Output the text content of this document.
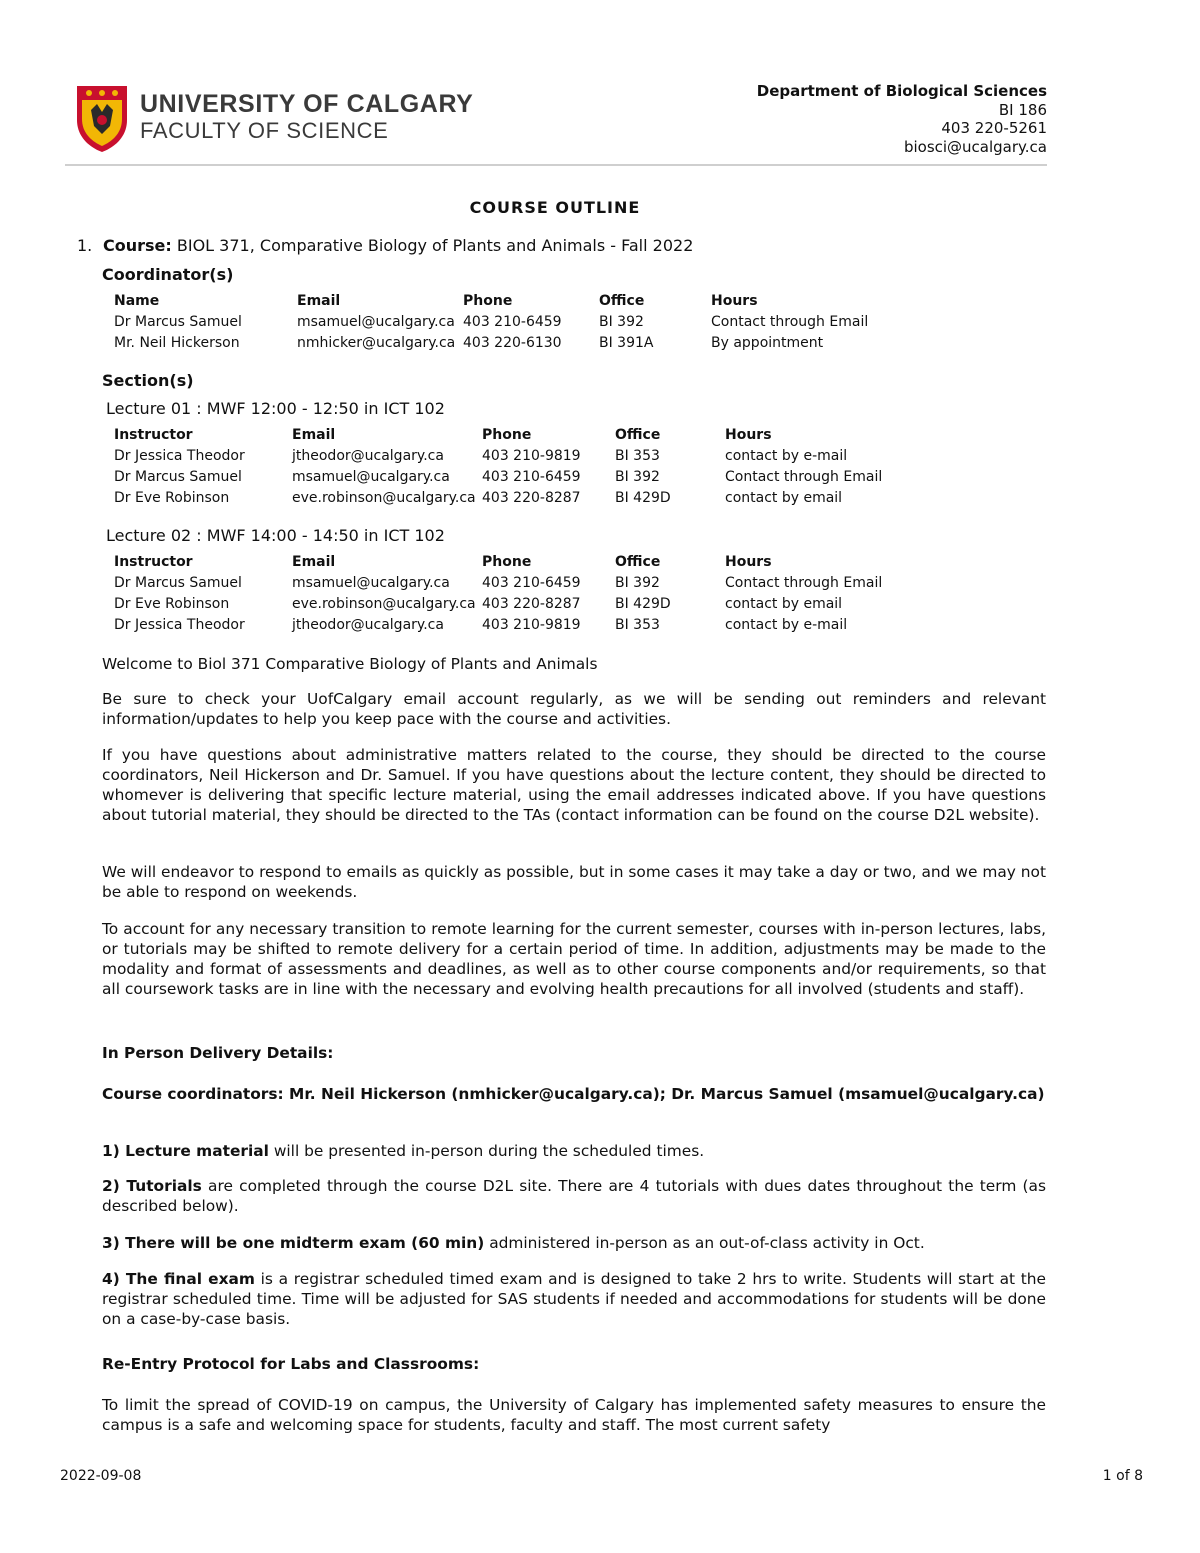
UNIVERSITY OF CALGARY
FACULTY OF SCIENCE
Department of Biological Sciences
BI 186
403 220-5261
biosci@ucalgary.ca
COURSE OUTLINE
1. Course: BIOL 371, Comparative Biology of Plants and Animals - Fall 2022
Coordinator(s)
Name	Email	Phone	Office	Hours
Dr Marcus Samuel	msamuel@ucalgary.ca	403 210-6459	BI 392	Contact through Email
Mr. Neil Hickerson	nmhicker@ucalgary.ca	403 220-6130	BI 391A	By appointment
Section(s)
Lecture 01 : MWF 12:00 - 12:50 in ICT 102
Instructor	Email	Phone	Office	Hours
Dr Jessica Theodor	jtheodor@ucalgary.ca	403 210-9819	BI 353	contact by e-mail
Dr Marcus Samuel	msamuel@ucalgary.ca	403 210-6459	BI 392	Contact through Email
Dr Eve Robinson	eve.robinson@ucalgary.ca	403 220-8287	BI 429D	contact by email
Lecture 02 : MWF 14:00 - 14:50 in ICT 102
Instructor	Email	Phone	Office	Hours
Dr Marcus Samuel	msamuel@ucalgary.ca	403 210-6459	BI 392	Contact through Email
Dr Eve Robinson	eve.robinson@ucalgary.ca	403 220-8287	BI 429D	contact by email
Dr Jessica Theodor	jtheodor@ucalgary.ca	403 210-9819	BI 353	contact by e-mail

Welcome to Biol 371 Comparative Biology of Plants and Animals

Be sure to check your UofCalgary email account regularly, as we will be sending out reminders and relevant information/updates to help you keep pace with the course and activities.

If you have questions about administrative matters related to the course, they should be directed to the course coordinators, Neil Hickerson and Dr. Samuel. If you have questions about the lecture content, they should be directed to whomever is delivering that specific lecture material, using the email addresses indicated above. If you have questions about tutorial material, they should be directed to the TAs (contact information can be found on the course D2L website).

We will endeavor to respond to emails as quickly as possible, but in some cases it may take a day or two, and we may not be able to respond on weekends.

To account for any necessary transition to remote learning for the current semester, courses with in-person lectures, labs, or tutorials may be shifted to remote delivery for a certain period of time. In addition, adjustments may be made to the modality and format of assessments and deadlines, as well as to other course components and/or requirements, so that all coursework tasks are in line with the necessary and evolving health precautions for all involved (students and staff).

In Person Delivery Details:

Course coordinators: Mr. Neil Hickerson (nmhicker@ucalgary.ca); Dr. Marcus Samuel (msamuel@ucalgary.ca)

1) Lecture material will be presented in-person during the scheduled times.

2) Tutorials are completed through the course D2L site. There are 4 tutorials with dues dates throughout the term (as described below).

3) There will be one midterm exam (60 min) administered in-person as an out-of-class activity in Oct.

4) The final exam is a registrar scheduled timed exam and is designed to take 2 hrs to write. Students will start at the registrar scheduled time. Time will be adjusted for SAS students if needed and accommodations for students will be done on a case-by-case basis.

Re-Entry Protocol for Labs and Classrooms:

To limit the spread of COVID-19 on campus, the University of Calgary has implemented safety measures to ensure the campus is a safe and welcoming space for students, faculty and staff. The most current safety

2022-09-08	1 of 8
